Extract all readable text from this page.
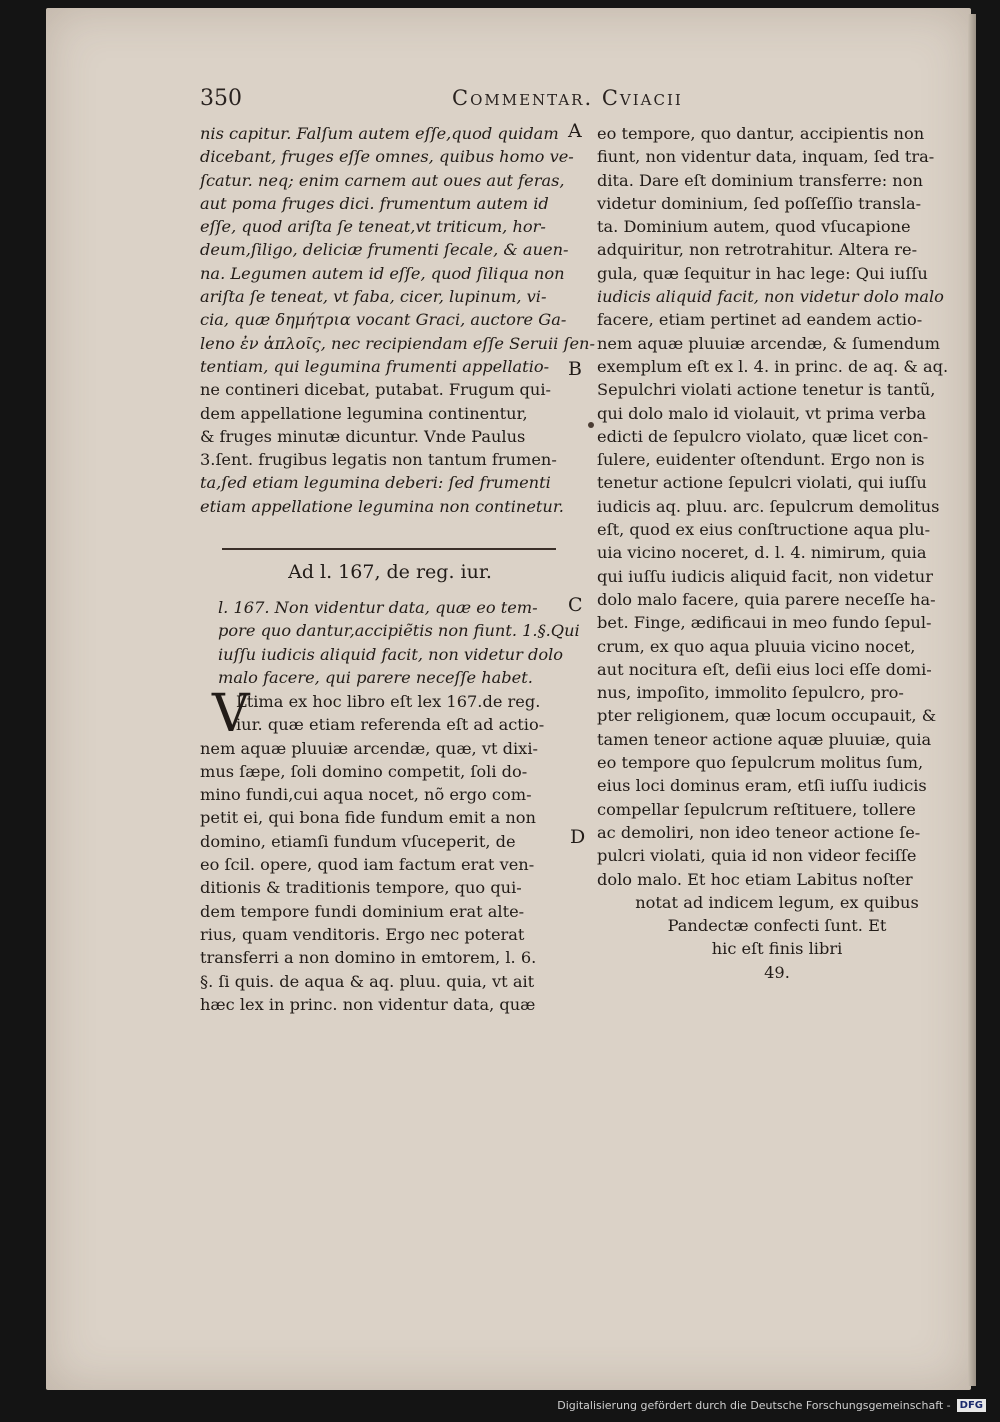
350	Commentar. Cviacii
nis capitur. Falſum autem eſſe,quod quidam
dicebant, fruges eſſe omnes, quibus homo ve-
ſcatur. neq; enim carnem aut oues aut feras,
aut poma fruges dici. frumentum autem id
eſſe, quod ariſta ſe teneat,vt triticum, hor-
deum,ſiligo, deliciæ frumenti ſecale, & auen-
na. Legumen autem id eſſe, quod ſiliqua non
ariſta ſe teneat, vt faba, cicer, lupinum, vi-
cia, quæ δημήτρια vocant Graci, auctore Ga-
leno ἐν ἁπλοῖς, nec recipiendam eſſe Seruii ſen-
tentiam, qui legumina frumenti appellatio-
ne contineri dicebat, putabat. Frugum qui-
dem appellatione legumina continentur,
& fruges minutæ dicuntur. Vnde Paulus
3.ſent. frugibus legatis non tantum frumen-
ta,ſed etiam legumina deberi: ſed frumenti
etiam appellatione legumina non continetur.
Ad l. 167, de reg. iur.
l. 167. Non videntur data, quæ eo tem-
pore quo dantur,accipiẽtis non fiunt. 1.§.Qui
iuſſu iudicis aliquid facit, non videtur dolo
malo facere, qui parere neceſſe habet.
V
Ltima ex hoc libro eſt lex 167.de reg.
iur. quæ etiam referenda eſt ad actio-
nem aquæ pluuiæ arcendæ, quæ, vt dixi-
mus ſæpe, ſoli domino competit, ſoli do-
mino fundi,cui aqua nocet, nõ ergo com-
petit ei, qui bona fide fundum emit a non
domino, etiamſi fundum vſuceperit, de
eo ſcil. opere, quod iam factum erat ven-
ditionis & traditionis tempore, quo qui-
dem tempore fundi dominium erat alte-
rius, quam venditoris. Ergo nec poterat
transferri a non domino in emtorem, l. 6.
§. ſi quis. de aqua & aq. pluu. quia, vt ait
hæc lex in princ. non videntur data, quæ
eo tempore, quo dantur, accipientis non
fiunt, non videntur data, inquam, ſed tra-
dita. Dare eſt dominium transferre: non
videtur dominium, ſed poſſeſſio transla-
ta. Dominium autem, quod vſucapione
adquiritur, non retrotrahitur. Altera re-
gula, quæ ſequitur in hac lege: Qui iuſſu
iudicis aliquid facit, non videtur dolo malo
facere, etiam pertinet ad eandem actio-
nem aquæ pluuiæ arcendæ, & ſumendum
exemplum eſt ex l. 4. in princ. de aq. & aq.
Sepulchri violati actione tenetur is tantũ,
qui dolo malo id violauit, vt prima verba
edicti de ſepulcro violato, quæ licet con-
ſulere, euidenter oſtendunt. Ergo non is
tenetur actione ſepulcri violati, qui iuſſu
iudicis aq. pluu. arc. ſepulcrum demolitus
eſt, quod ex eius conſtructione aqua plu-
uia vicino noceret, d. l. 4. nimirum, quia
qui iuſſu iudicis aliquid facit, non videtur
dolo malo facere, quia parere neceſſe ha-
bet. Finge, ædificaui in meo fundo ſepul-
crum, ex quo aqua pluuia vicino nocet,
aut nocitura eſt, deſii eius loci eſſe domi-
nus, impoſito, immolito ſepulcro, pro-
pter religionem, quæ locum occupauit, &
tamen teneor actione aquæ pluuiæ, quia
eo tempore quo ſepulcrum molitus ſum,
eius loci dominus eram, etſi iuſſu iudicis
compellar ſepulcrum reſtituere, tollere
ac demoliri, non ideo teneor actione ſe-
pulcri violati, quia id non videor feciſſe
dolo malo. Et hoc etiam Labitus noſter
notat ad indicem legum, ex quibus
Pandectæ confecti ſunt. Et
hic eſt finis libri
49.
A
B
C
D
Digitalisierung gefördert durch die Deutsche Forschungsgemeinschaft - DFG
